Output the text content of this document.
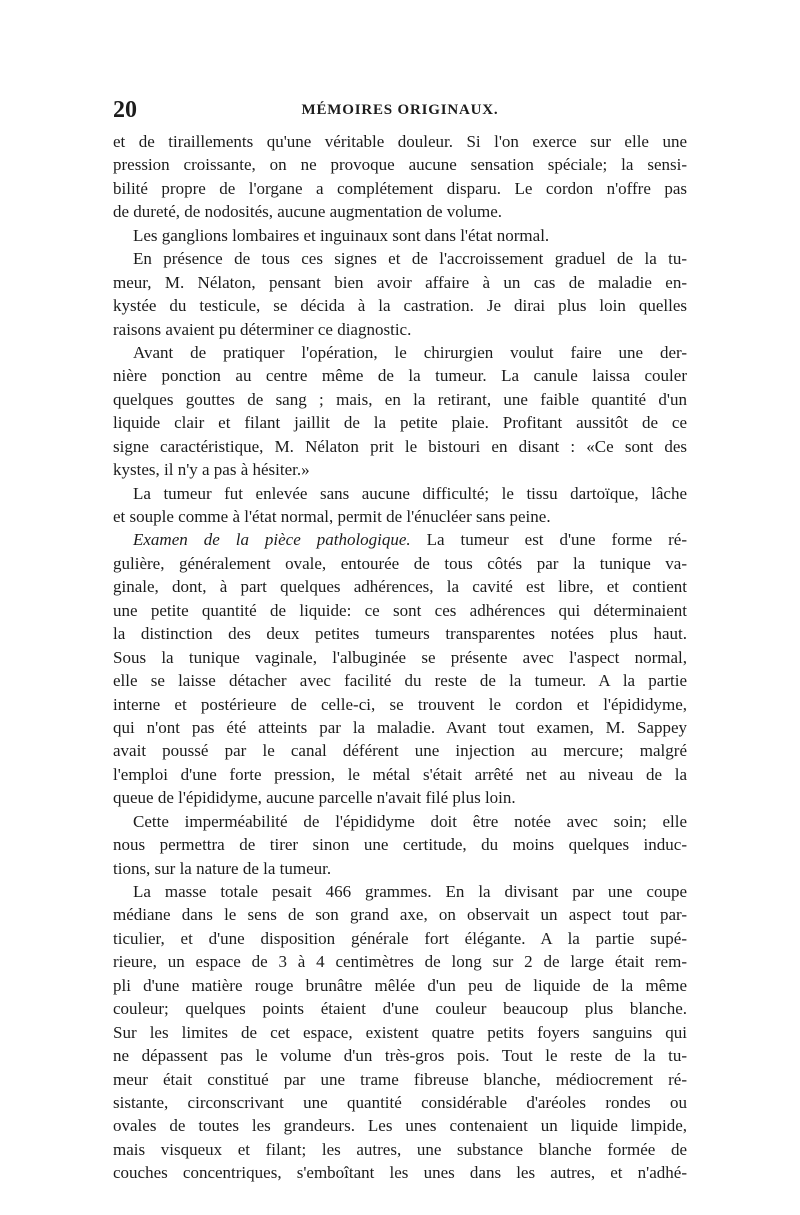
20	MÉMOIRES ORIGINAUX.
et de tiraillements qu'une véritable douleur. Si l'on exerce sur elle une
pression croissante, on ne provoque aucune sensation spéciale; la sensi-
bilité propre de l'organe a complétement disparu. Le cordon n'offre pas
de dureté, de nodosités, aucune augmentation de volume.
Les ganglions lombaires et inguinaux sont dans l'état normal.
En présence de tous ces signes et de l'accroissement graduel de la tu-
meur, M. Nélaton, pensant bien avoir affaire à un cas de maladie en-
kystée du testicule, se décida à la castration. Je dirai plus loin quelles
raisons avaient pu déterminer ce diagnostic.
Avant de pratiquer l'opération, le chirurgien voulut faire une der-
nière ponction au centre même de la tumeur. La canule laissa couler
quelques gouttes de sang ; mais, en la retirant, une faible quantité d'un
liquide clair et filant jaillit de la petite plaie. Profitant aussitôt de ce
signe caractéristique, M. Nélaton prit le bistouri en disant : «Ce sont des
kystes, il n'y a pas à hésiter.»
La tumeur fut enlevée sans aucune difficulté; le tissu dartoïque, lâche
et souple comme à l'état normal, permit de l'énucléer sans peine.
Examen de la pièce pathologique. La tumeur est d'une forme ré-
gulière, généralement ovale, entourée de tous côtés par la tunique va-
ginale, dont, à part quelques adhérences, la cavité est libre, et contient
une petite quantité de liquide: ce sont ces adhérences qui déterminaient
la distinction des deux petites tumeurs transparentes notées plus haut.
Sous la tunique vaginale, l'albuginée se présente avec l'aspect normal,
elle se laisse détacher avec facilité du reste de la tumeur. A la partie
interne et postérieure de celle-ci, se trouvent le cordon et l'épididyme,
qui n'ont pas été atteints par la maladie. Avant tout examen, M. Sappey
avait poussé par le canal déférent une injection au mercure; malgré
l'emploi d'une forte pression, le métal s'était arrêté net au niveau de la
queue de l'épididyme, aucune parcelle n'avait filé plus loin.
Cette imperméabilité de l'épididyme doit être notée avec soin; elle
nous permettra de tirer sinon une certitude, du moins quelques induc-
tions, sur la nature de la tumeur.
La masse totale pesait 466 grammes. En la divisant par une coupe
médiane dans le sens de son grand axe, on observait un aspect tout par-
ticulier, et d'une disposition générale fort élégante. A la partie supé-
rieure, un espace de 3 à 4 centimètres de long sur 2 de large était rem-
pli d'une matière rouge brunâtre mêlée d'un peu de liquide de la même
couleur; quelques points étaient d'une couleur beaucoup plus blanche.
Sur les limites de cet espace, existent quatre petits foyers sanguins qui
ne dépassent pas le volume d'un très-gros pois. Tout le reste de la tu-
meur était constitué par une trame fibreuse blanche, médiocrement ré-
sistante, circonscrivant une quantité considérable d'aréoles rondes ou
ovales de toutes les grandeurs. Les unes contenaient un liquide limpide,
mais visqueux et filant; les autres, une substance blanche formée de
couches concentriques, s'emboîtant les unes dans les autres, et n'adhé-
